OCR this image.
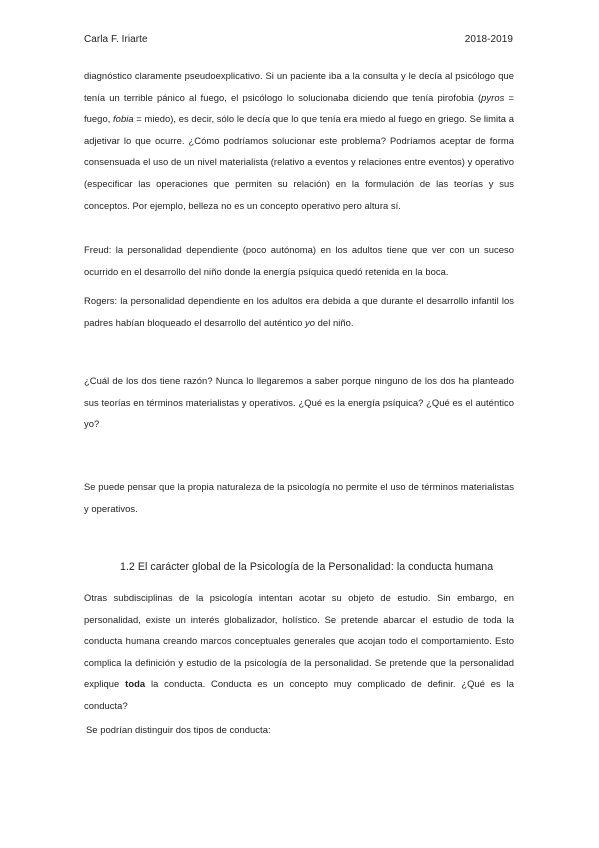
Carla F. Iriarte	2018-2019
diagnóstico claramente pseudoexplicativo. Si un paciente iba a la consulta y le decía al psicólogo que tenía un terrible pánico al fuego, el psicólogo lo solucionaba diciendo que tenía pirofobia (pyros = fuego, fobia = miedo), es decir, sólo le decía que lo que tenía era miedo al fuego en griego. Se limita a adjetivar lo que ocurre. ¿Cómo podríamos solucionar este problema? Podríamos aceptar de forma consensuada el uso de un nivel materialista (relativo a eventos y relaciones entre eventos) y operativo (especificar las operaciones que permiten su relación) en la formulación de las teorías y sus conceptos. Por ejemplo, belleza no es un concepto operativo pero altura sí.
Freud: la personalidad dependiente (poco autónoma) en los adultos tiene que ver con un suceso ocurrido en el desarrollo del niño donde la energía psíquica quedó retenida en la boca.
Rogers: la personalidad dependiente en los adultos era debida a que durante el desarrollo infantil los padres habían bloqueado el desarrollo del auténtico yo del niño.
¿Cuál de los dos tiene razón? Nunca lo llegaremos a saber porque ninguno de los dos ha planteado sus teorías en términos materialistas y operativos. ¿Qué es la energía psíquica? ¿Qué es el auténtico yo?
Se puede pensar que la propia naturaleza de la psicología no permite el uso de términos materialistas y operativos.
1.2 El carácter global de la Psicología de la Personalidad: la conducta humana
Otras subdisciplinas de la psicología intentan acotar su objeto de estudio. Sin embargo, en personalidad, existe un interés globalizador, holístico. Se pretende abarcar el estudio de toda la conducta humana creando marcos conceptuales generales que acojan todo el comportamiento. Esto complica la definición y estudio de la psicología de la personalidad. Se pretende que la personalidad explique toda la conducta. Conducta es un concepto muy complicado de definir. ¿Qué es la conducta?
Se podrían distinguir dos tipos de conducta:
